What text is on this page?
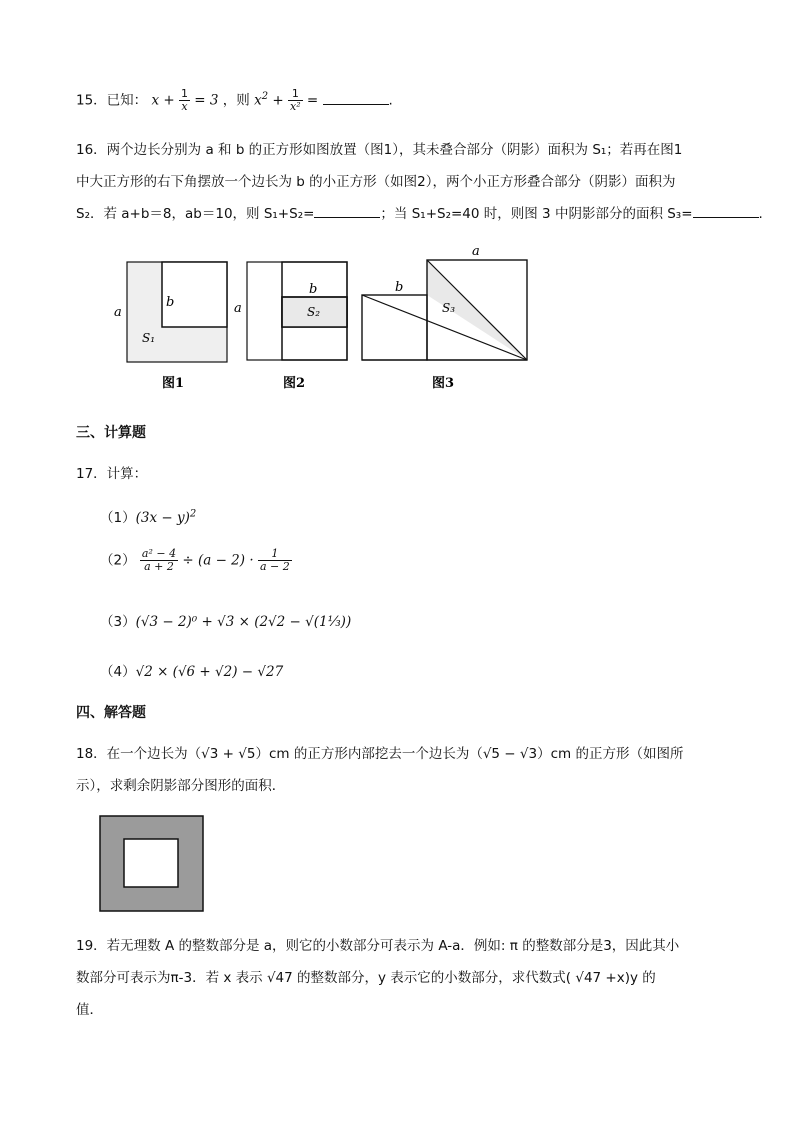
15．已知： $x + \frac{1}{x} = 3$ ，则 $x^2 + \frac{1}{\text{x²}}$ =	.
16．两个边长分别为 a 和 b 的正方形如图放置（图1），其未叠合部分（阴影）面积为 S₁；若再在图1
中大正方形的右下角摆放一个边长为 b 的小正方形（如图2），两个小正方形叠合部分（阴影）面积为
S₂．若 a+b＝8，ab＝10，则 S₁+S₂=	；当 S₁+S₂=40 时，则图 3 中阴影部分的面积 S₃=	.
a
b
S₁
图1
a
b
S₂
图2
a
b
S₃
图3
三、计算题
17．计算：
$(1)(3x - y)^2$
$(2) \frac{\text{a² − 4}}{a + 2} \div (a - 2) \cdot \frac{1}{a - 2}$
（3）(√3 − 2)⁰ + √3 × (2√2 − √(1⅓))
（4）√2 × (√6 + √2) − √27
四、解答题
18．在一个边长为（√3 + √5）cm 的正方形内部挖去一个边长为（√5 − √3）cm 的正方形（如图所
示），求剩余阴影部分图形的面积．
19．若无理数 A 的整数部分是 a，则它的小数部分可表示为 A-a．例如: π 的整数部分是3，因此其小
数部分可表示为π-3．若 x 表示 √47 的整数部分，y 表示它的小数部分，求代数式( √47 +x)y 的
值．
